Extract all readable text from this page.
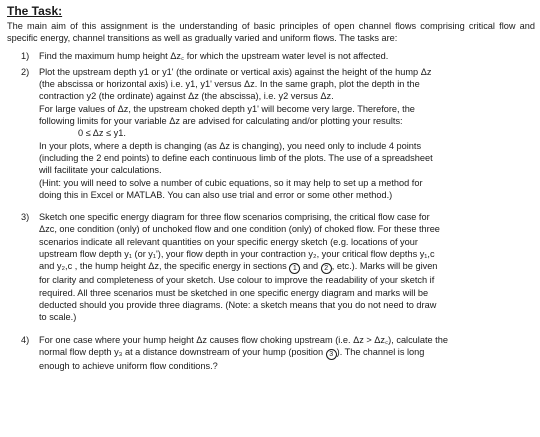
The Task:
The main aim of this assignment is the understanding of basic principles of open channel flows comprising critical flow and specific energy, channel transitions as well as gradually varied and uniform flows. The tasks are:
1) Find the maximum hump height Δz꜀ for which the upstream water level is not affected.

2) Plot the upstream depth y1 or y1' (the ordinate or vertical axis) against the height of the hump Δz

(the abscissa or horizontal axis) i.e. y1, y1' versus Δz. In the same graph, plot the depth in the

contraction y2 (the ordinate) against Δz (the abscissa), i.e. y2 versus Δz.

For large values of Δz, the upstream choked depth y1' will become very large. Therefore, the

following limits for your variable Δz are advised for calculating and/or plotting your results:

0 ≤ Δz ≤ y1.

In your plots, where a depth is changing (as Δz is changing), you need only to include 4 points

(including the 2 end points) to define each continuous limb of the plots. The use of a spreadsheet

will facilitate your calculations.

(Hint: you will need to solve a number of cubic equations, so it may help to set up a method for

doing this in Excel or MATLAB. You can also use trial and error or some other method.)

3) Sketch one specific energy diagram for three flow scenarios comprising, the critical flow case for

Δzc, one condition (only) of unchoked flow and one condition (only) of choked flow. For these three

scenarios indicate all relevant quantities on your specific energy sketch (e.g. locations of your

upstream flow depth y₁ (or y₁'), your flow depth in your contraction y₂, your critical flow depths y₁,c

and y₂,c , the hump height Δz, the specific energy in sections 1 and 2 , etc.). Marks will be given

for clarity and completeness of your sketch. Use colour to improve the readability of your sketch if

required. All three scenarios must be sketched in one specific energy diagram and marks will be

deducted should you provide three diagrams. (Note: a sketch means that you do not need to draw

to scale.)

4) For one case where your hump height Δz causes flow choking upstream (i.e. Δz > Δz꜀), calculate the

normal flow depth y₃ at a distance downstream of your hump (position 3 ). The channel is long

enough to achieve uniform flow conditions.?
